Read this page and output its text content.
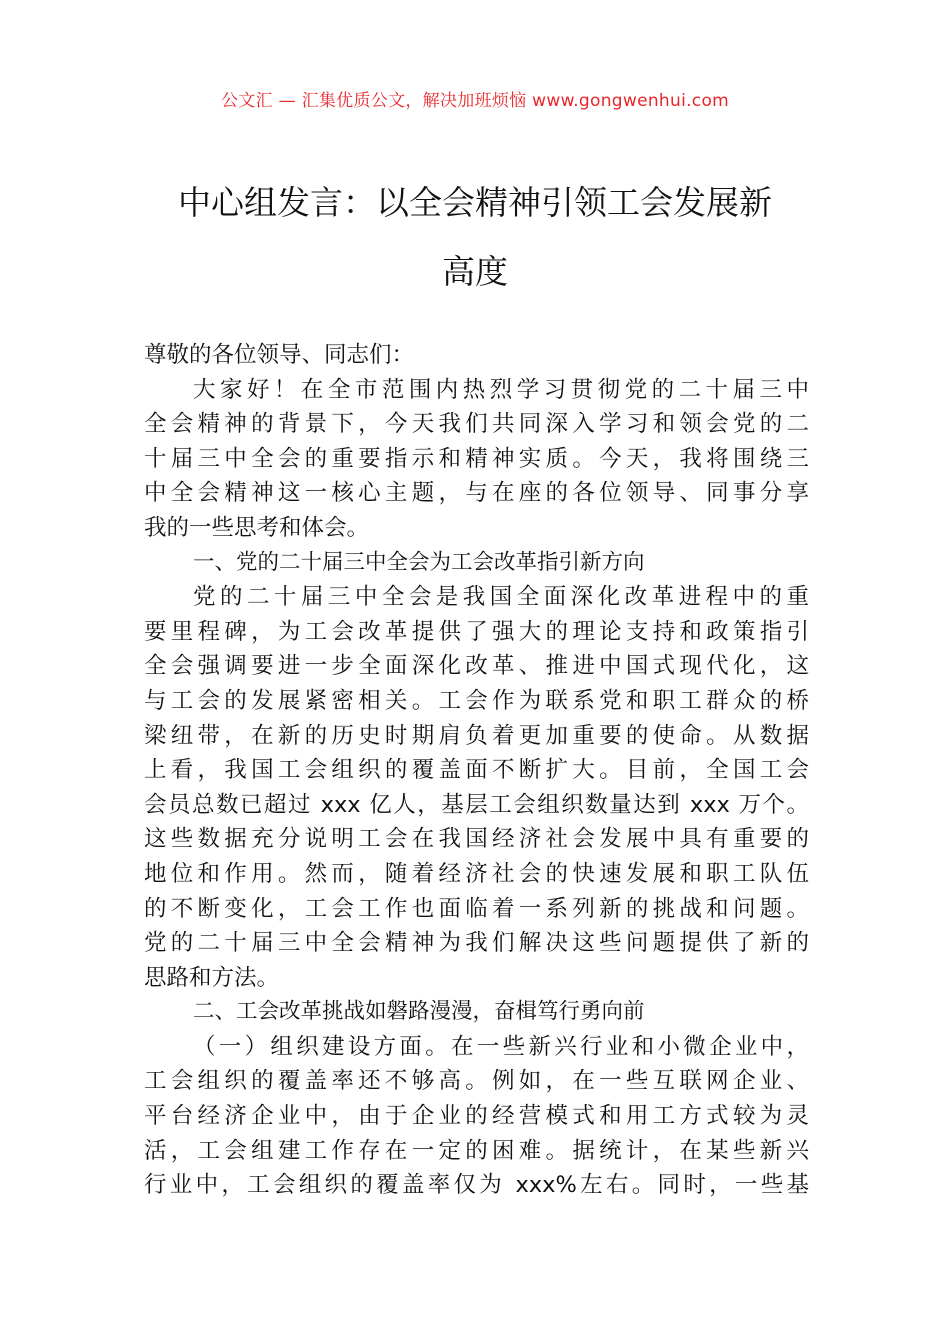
公文汇 — 汇集优质公文，解决加班烦恼 www.gongwenhui.com
中心组发言：以全会精神引领工会发展新
高度
尊敬的各位领导、同志们：
大家好！在全市范围内热烈学习贯彻党的二十届三中
全会精神的背景下，今天我们共同深入学习和领会党的二
十届三中全会的重要指示和精神实质。今天，我将围绕三
中全会精神这一核心主题，与在座的各位领导、同事分享
我的一些思考和体会。
一、党的二十届三中全会为工会改革指引新方向
党的二十届三中全会是我国全面深化改革进程中的重
要里程碑，为工会改革提供了强大的理论支持和政策指引
全会强调要进一步全面深化改革、推进中国式现代化，这
与工会的发展紧密相关。工会作为联系党和职工群众的桥
梁纽带，在新的历史时期肩负着更加重要的使命。从数据
上看，我国工会组织的覆盖面不断扩大。目前，全国工会
会员总数已超过 xxx 亿人，基层工会组织数量达到 xxx 万个。
这些数据充分说明工会在我国经济社会发展中具有重要的
地位和作用。然而，随着经济社会的快速发展和职工队伍
的不断变化，工会工作也面临着一系列新的挑战和问题。
党的二十届三中全会精神为我们解决这些问题提供了新的
思路和方法。
二、工会改革挑战如磐路漫漫，奋楫笃行勇向前
（一）组织建设方面。在一些新兴行业和小微企业中，
工会组织的覆盖率还不够高。例如，在一些互联网企业、
平台经济企业中，由于企业的经营模式和用工方式较为灵
活，工会组建工作存在一定的困难。据统计，在某些新兴
行业中，工会组织的覆盖率仅为 xxx%左右。同时，一些基
